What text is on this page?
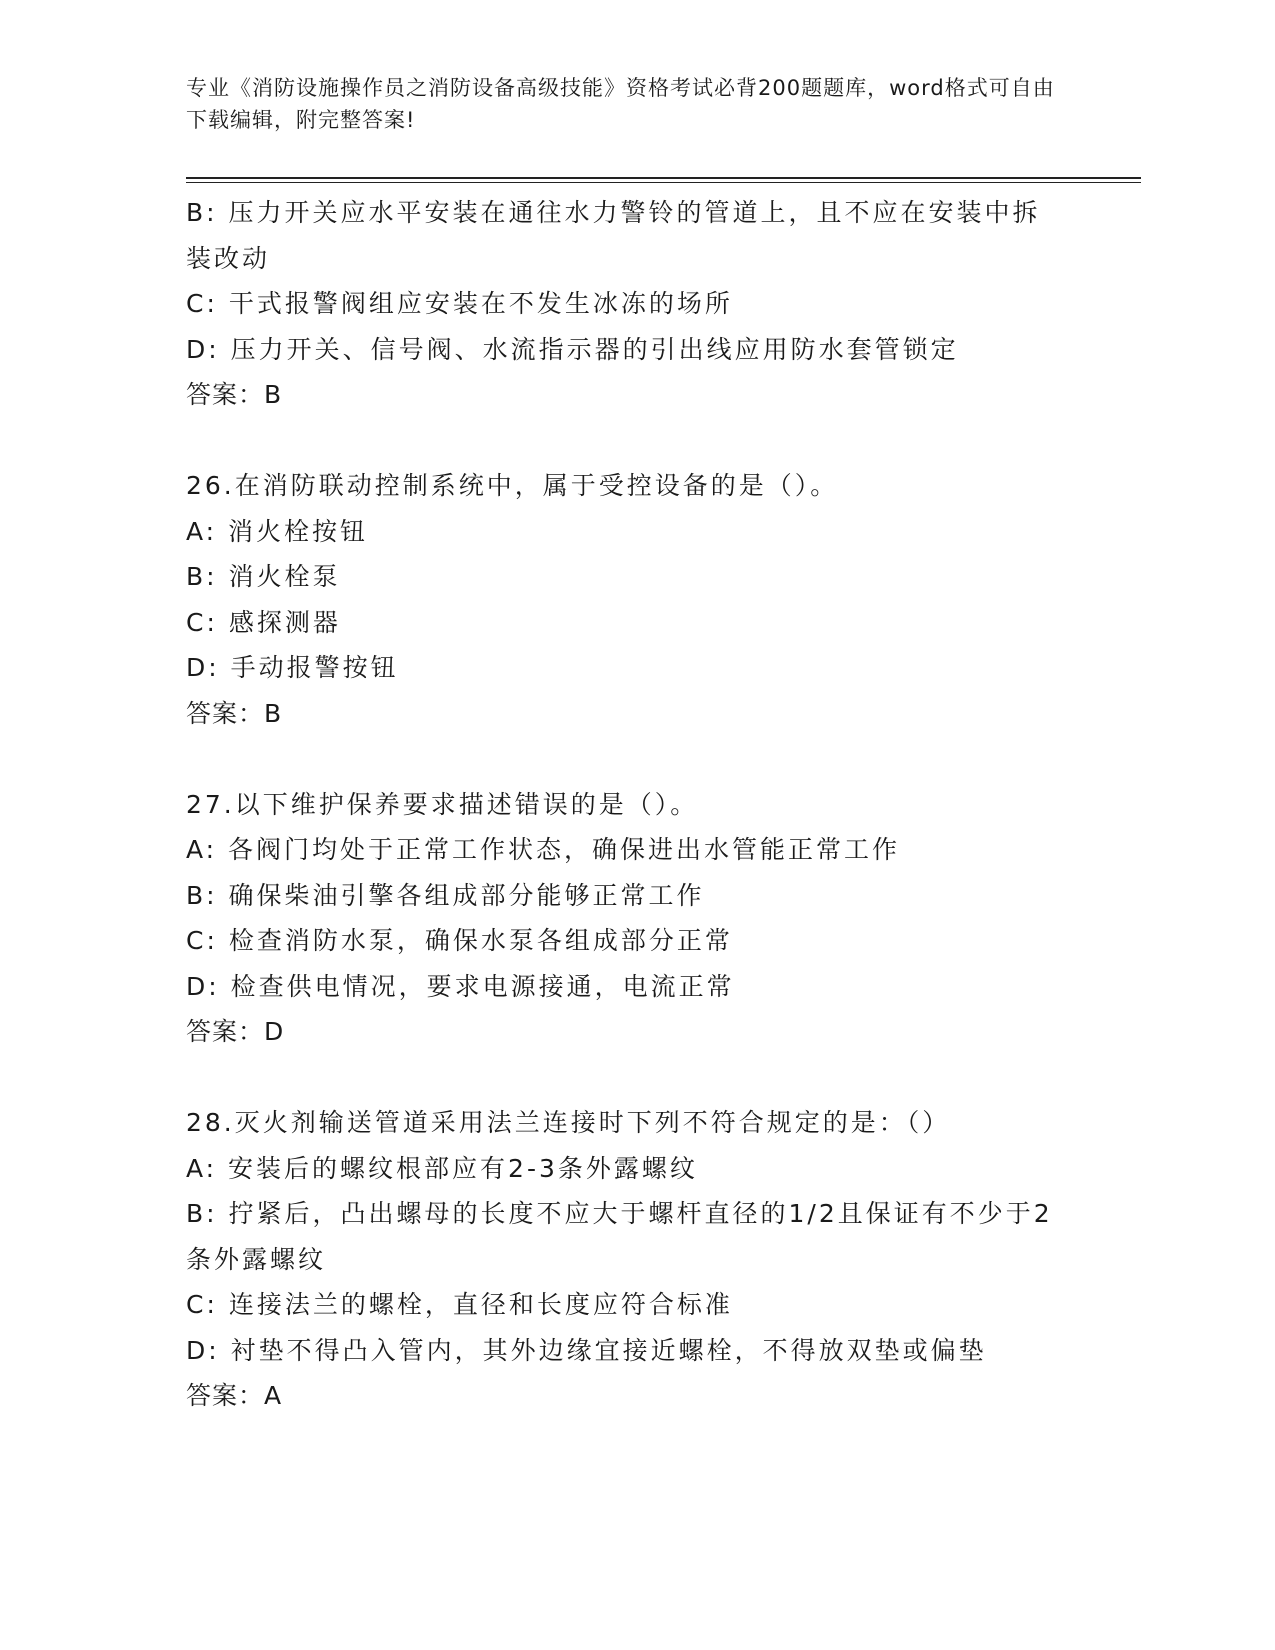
专业《消防设施操作员之消防设备高级技能》资格考试必背200题题库，word格式可自由下载编辑，附完整答案!
B: 压力开关应水平安装在通往水力警铃的管道上，且不应在安装中拆装改动
C: 干式报警阀组应安装在不发生冰冻的场所
D: 压力开关、信号阀、水流指示器的引出线应用防水套管锁定
答案：B
26.在消防联动控制系统中，属于受控设备的是（）。
A: 消火栓按钮
B: 消火栓泵
C: 感探测器
D: 手动报警按钮
答案：B
27.以下维护保养要求描述错误的是（）。
A: 各阀门均处于正常工作状态，确保进出水管能正常工作
B: 确保柴油引擎各组成部分能够正常工作
C: 检查消防水泵，确保水泵各组成部分正常
D: 检查供电情况，要求电源接通，电流正常
答案：D
28.灭火剂输送管道采用法兰连接时下列不符合规定的是：（）
A: 安装后的螺纹根部应有2-3条外露螺纹
B: 拧紧后，凸出螺母的长度不应大于螺杆直径的1/2且保证有不少于2条外露螺纹
C: 连接法兰的螺栓，直径和长度应符合标准
D: 衬垫不得凸入管内，其外边缘宜接近螺栓，不得放双垫或偏垫
答案：A
